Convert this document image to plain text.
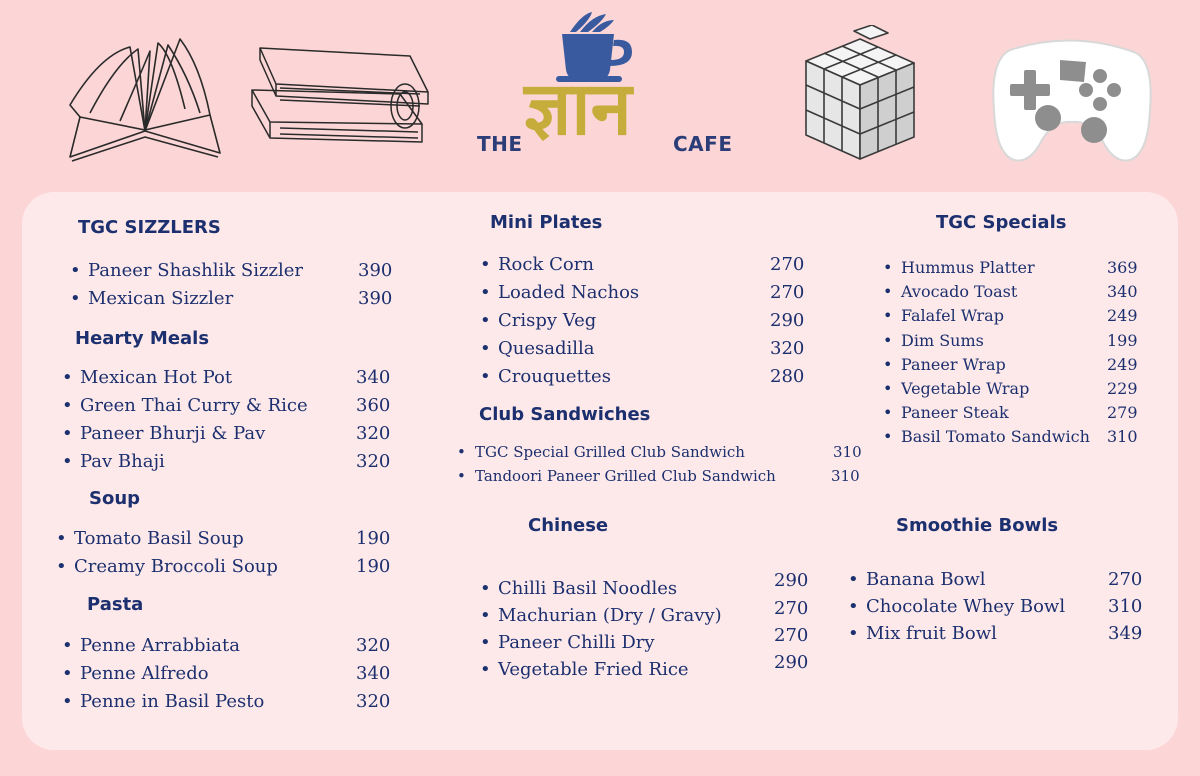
THE ज्ञान CAFE
TGC SIZZLERS
• Paneer Shashlik Sizzler	390
• Mexican Sizzler	390
Hearty Meals
• Mexican Hot Pot	340
• Green Thai Curry & Rice	360
• Paneer Bhurji & Pav	320
• Pav Bhaji	320
Soup
• Tomato Basil Soup	190
• Creamy Broccoli Soup	190
Pasta
• Penne Arrabbiata	320
• Penne Alfredo	340
• Penne in Basil Pesto	320
Mini Plates
• Rock Corn	270
• Loaded Nachos	270
• Crispy Veg	290
• Quesadilla	320
• Crouquettes	280
Club Sandwiches
• TGC Special Grilled Club Sandwich	310
• Tandoori Paneer Grilled Club Sandwich	310
Chinese
• Chilli Basil Noodles	290
• Machurian (Dry / Gravy)	270
• Paneer Chilli Dry	270
• Vegetable Fried Rice	290
TGC Specials
• Hummus Platter	369
• Avocado Toast	340
• Falafel Wrap	249
• Dim Sums	199
• Paneer Wrap	249
• Vegetable Wrap	229
• Paneer Steak	279
• Basil Tomato Sandwich 310
Smoothie Bowls
• Banana Bowl	270
• Chocolate Whey Bowl 310
• Mix fruit Bowl	349
